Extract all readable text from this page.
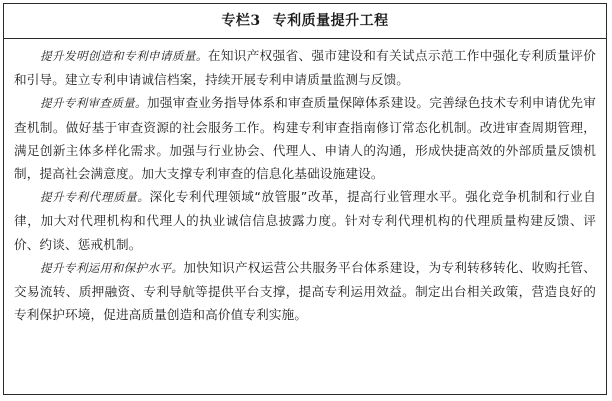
专栏3 专利质量提升工程

提升发明创造和专利申请质量。在知识产权强省、强市建设和有关试点示范工作中强化专利质量评价和引导。建立专利申请诚信档案，持续开展专利申请质量监测与反馈。

提升专利审查质量。加强审查业务指导体系和审查质量保障体系建设。完善绿色技术专利申请优先审查机制。做好基于审查资源的社会服务工作。构建专利审查指南修订常态化机制。改进审查周期管理，满足创新主体多样化需求。加强与行业协会、代理人、申请人的沟通，形成快捷高效的外部质量反馈机制，提高社会满意度。加大支撑专利审查的信息化基础设施建设。

提升专利代理质量。深化专利代理领域“放管服”改革，提高行业管理水平。强化竞争机制和行业自律，加大对代理机构和代理人的执业诚信信息披露力度。针对专利代理机构的代理质量构建反馈、评价、约谈、惩戒机制。

提升专利运用和保护水平。加快知识产权运营公共服务平台体系建设，为专利转移转化、收购托管、交易流转、质押融资、专利导航等提供平台支撑，提高专利运用效益。制定出台相关政策，营造良好的专利保护环境，促进高质量创造和高价值专利实施。
